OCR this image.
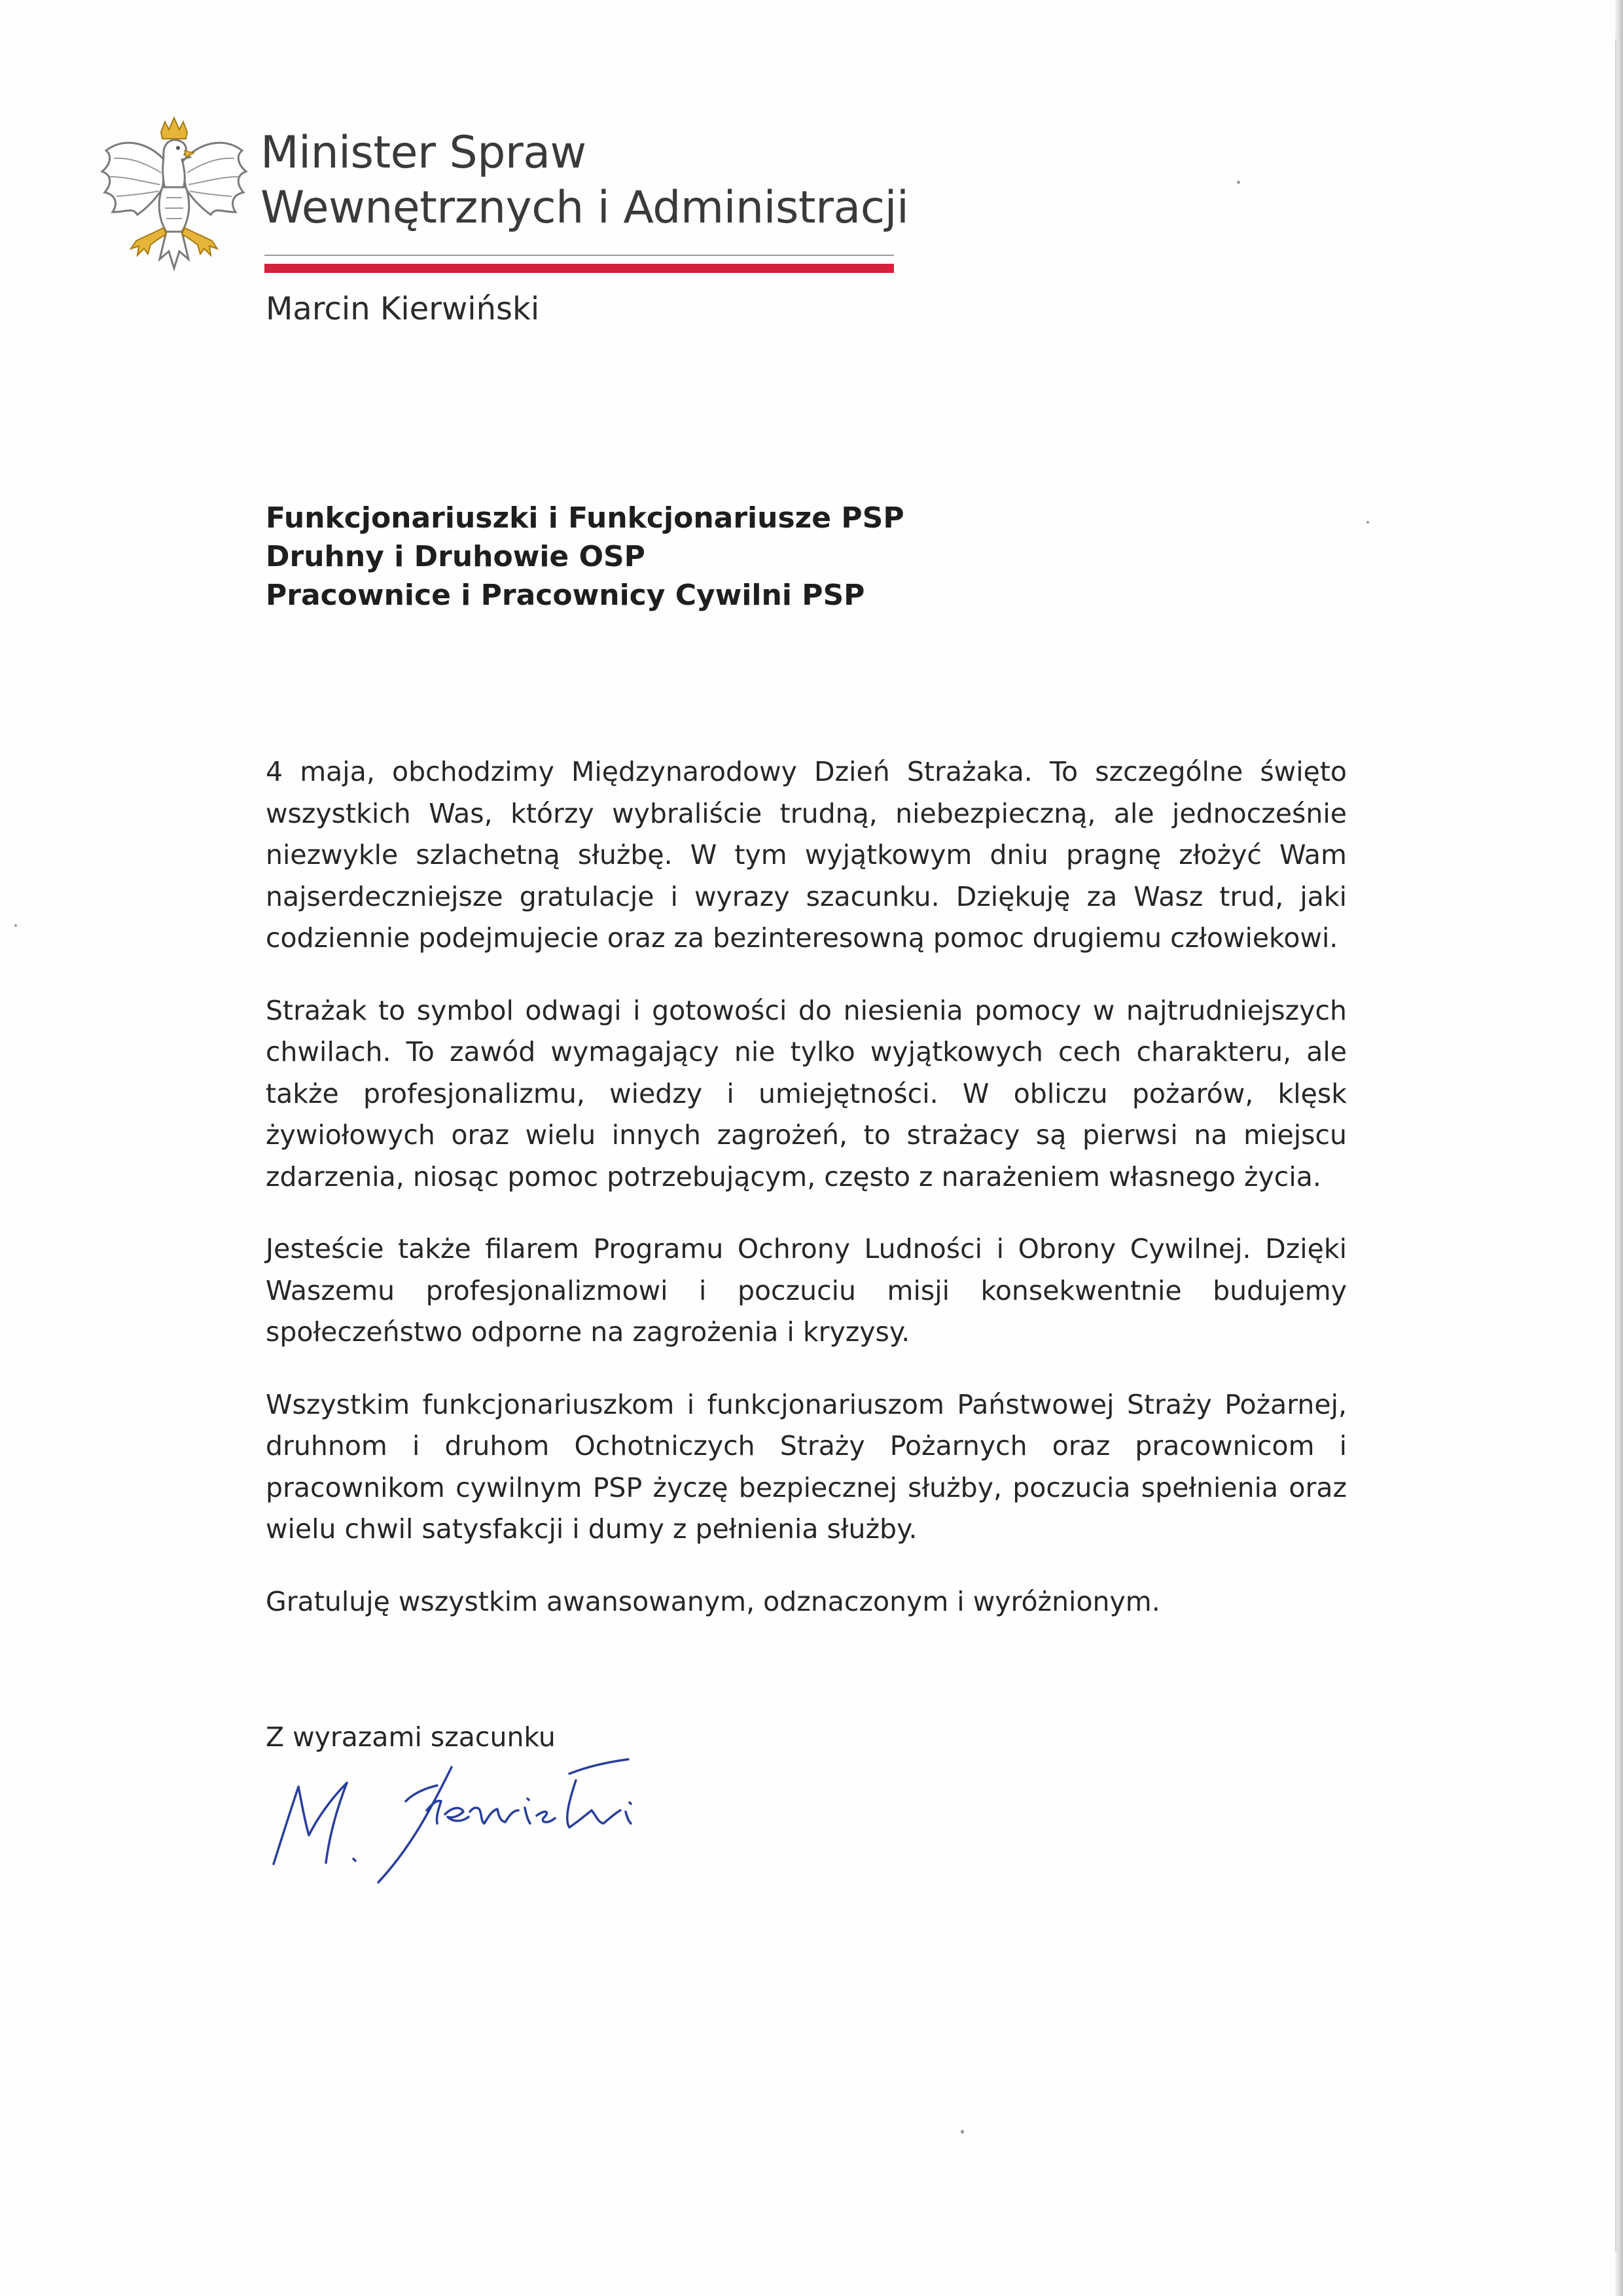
Minister Spraw
Wewnętrznych i Administracji
Marcin Kierwiński
Funkcjonariuszki i Funkcjonariusze PSP
Druhny i Druhowie OSP
Pracownice i Pracownicy Cywilni PSP

4 maja, obchodzimy Międzynarodowy Dzień Strażaka. To szczególne święto wszystkich Was, którzy wybraliście trudną, niebezpieczną, ale jednocześnie niezwykle szlachetną służbę. W tym wyjątkowym dniu pragnę złożyć Wam najserdeczniejsze gratulacje i wyrazy szacunku. Dziękuję za Wasz trud, jaki codziennie podejmujecie oraz za bezinteresowną pomoc drugiemu człowiekowi.

Strażak to symbol odwagi i gotowości do niesienia pomocy w najtrudniejszych chwilach. To zawód wymagający nie tylko wyjątkowych cech charakteru, ale także profesjonalizmu, wiedzy i umiejętności. W obliczu pożarów, klęsk żywiołowych oraz wielu innych zagrożeń, to strażacy są pierwsi na miejscu zdarzenia, niosąc pomoc potrzebującym, często z narażeniem własnego życia.

Jesteście także filarem Programu Ochrony Ludności i Obrony Cywilnej. Dzięki Waszemu profesjonalizmowi i poczuciu misji konsekwentnie budujemy społeczeństwo odporne na zagrożenia i kryzysy.

Wszystkim funkcjonariuszkom i funkcjonariuszom Państwowej Straży Pożarnej, druhnom i druhom Ochotniczych Straży Pożarnych oraz pracownicom i pracownikom cywilnym PSP życzę bezpiecznej służby, poczucia spełnienia oraz wielu chwil satysfakcji i dumy z pełnienia służby.

Gratuluję wszystkim awansowanym, odznaczonym i wyróżnionym.

Z wyrazami szacunku
